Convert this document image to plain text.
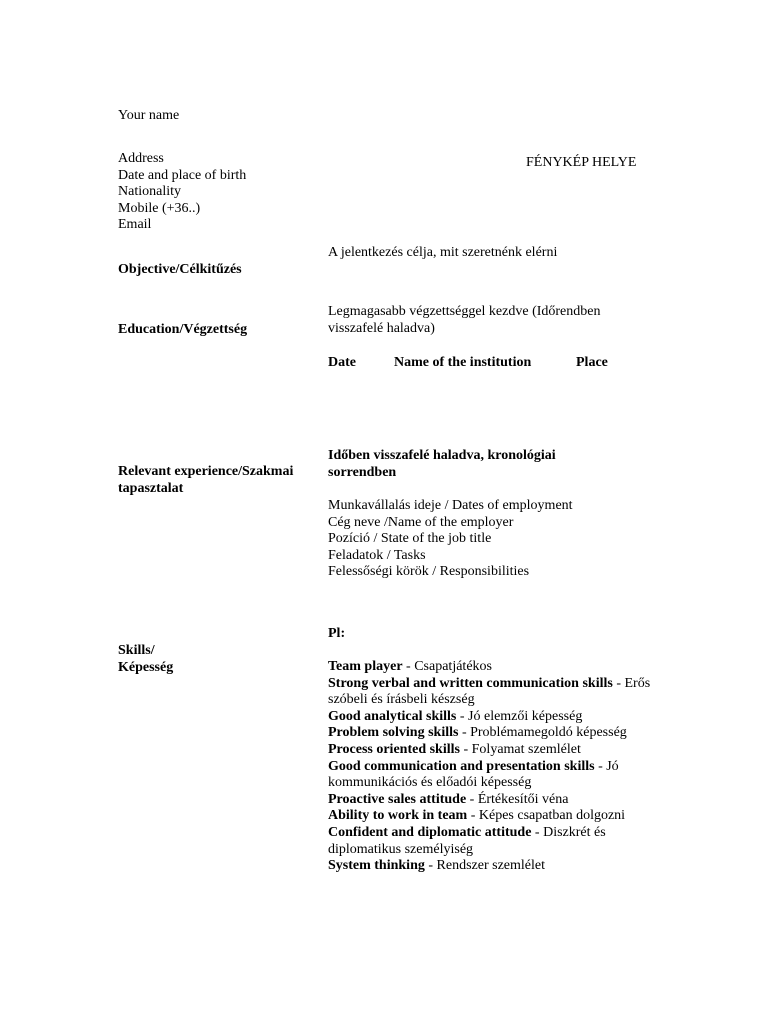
Your name
Address
Date and place of birth
Nationality
Mobile (+36..)
Email
FÉNYKÉP HELYE
Objective/Célkitűzés
A jelentkezés célja, mit szeretnénk elérni
Education/Végzettség
Legmagasabb végzettséggel kezdve (Időrendben
visszafelé haladva)
Date	Name of the institution	Place
Relevant experience/Szakmai
tapasztalat
Időben visszafelé haladva, kronológiai
sorrendben
Munkavállalás ideje / Dates of employment
Cég neve /Name of the employer
Pozíció / State of the job title
Feladatok / Tasks
Felessőségi körök / Responsibilities
Skills/
Képesség
Pl:
Team player - Csapatjátékos
Strong verbal and written communication skills - Erős szóbeli és írásbeli készség
Good analytical skills - Jó elemzői képesség
Problem solving skills - Problémamegoldó képesség
Process oriented skills - Folyamat szemlélet
Good communication and presentation skills - Jó kommunikációs és előadói képesség
Proactive sales attitude - Értékesítői véna
Ability to work in team - Képes csapatban dolgozni
Confident and diplomatic attitude - Diszkrét és diplomatikus személyiség
System thinking - Rendszer szemlélet
